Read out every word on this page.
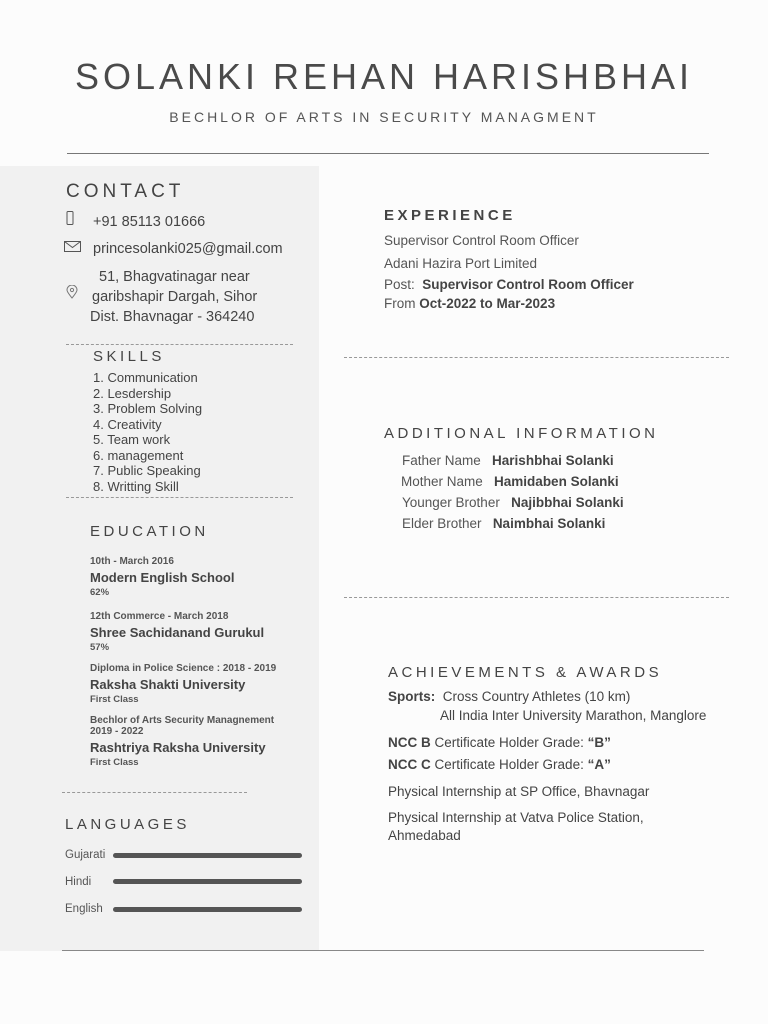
SOLANKI REHAN HARISHBHAI
BECHLOR OF ARTS IN SECURITY MANAGMENT
CONTACT
+91 85113 01666
princesolanki025@gmail.com
51, Bhagvatinagar near
garibshapir Dargah, Sihor
Dist. Bhavnagar - 364240
SKILLS
1. Communication
2. Lesdership
3. Problem Solving
4. Creativity
5. Team work
6. management
7. Public Speaking
8. Writting Skill
EDUCATION
10th - March 2016
Modern English School
62%
12th Commerce - March 2018
Shree Sachidanand Gurukul
57%
Diploma in Police Science : 2018 - 2019
Raksha Shakti University
First Class
Bechlor of Arts Security Managnement
2019 - 2022
Rashtriya Raksha University
First Class
LANGUAGES
Gujarati
Hindi
English
EXPERIENCE
Supervisor Control Room Officer
Adani Hazira Port Limited
Post: Supervisor Control Room Officer
From Oct-2022 to Mar-2023
ADDITIONAL INFORMATION
Father Name Harishbhai Solanki
Mother Name Hamidaben Solanki
Younger Brother Najibbhai Solanki
Elder Brother Naimbhai Solanki
ACHIEVEMENTS & AWARDS
Sports: Cross Country Athletes (10 km)
All India Inter University Marathon, Manglore
NCC B Certificate Holder Grade: “B”
NCC C Certificate Holder Grade: “A”
Physical Internship at SP Office, Bhavnagar
Physical Internship at Vatva Police Station,
Ahmedabad
